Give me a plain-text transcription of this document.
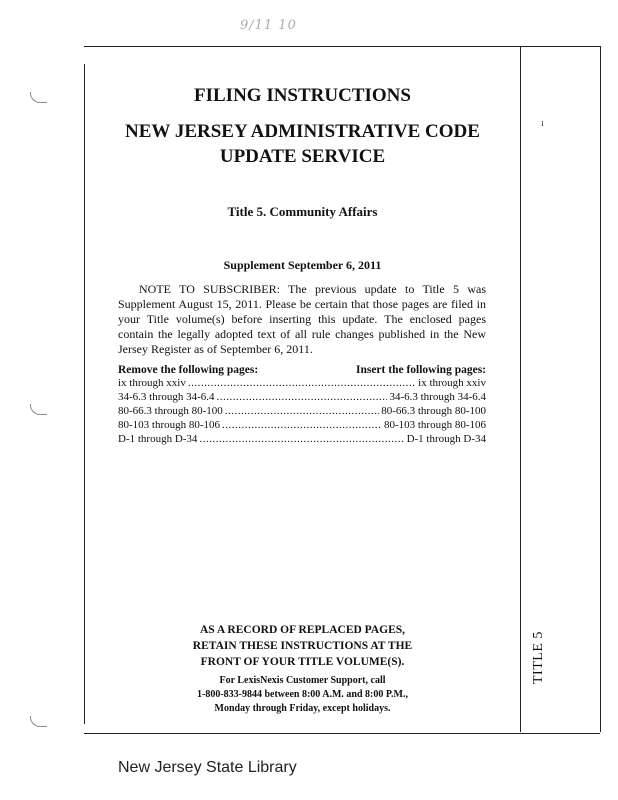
9/11 10
ı
FILING INSTRUCTIONS
NEW JERSEY ADMINISTRATIVE CODE
UPDATE SERVICE
Title 5. Community Affairs
Supplement September 6, 2011
NOTE TO SUBSCRIBER: The previous update to Title 5 was Supplement August 15, 2011. Please be certain that those pages are filed in your Title volume(s) before inserting this update. The enclosed pages contain the legally adopted text of all rule changes published in the New Jersey Register as of September 6, 2011.
Remove the following pages:	Insert the following pages:
ix through xxiv .....	ix through xxiv
34-6.3 through 34-6.4 .....	34-6.3 through 34-6.4
80-66.3 through 80-100 .....	80-66.3 through 80-100
80-103 through 80-106 .....	80-103 through 80-106
D-1 through D-34 .....	D-1 through D-34
AS A RECORD OF REPLACED PAGES,
RETAIN THESE INSTRUCTIONS AT THE
FRONT OF YOUR TITLE VOLUME(S).
For LexisNexis Customer Support, call
1-800-833-9844 between 8:00 A.M. and 8:00 P.M.,
Monday through Friday, except holidays.
TITLE 5
New Jersey State Library
